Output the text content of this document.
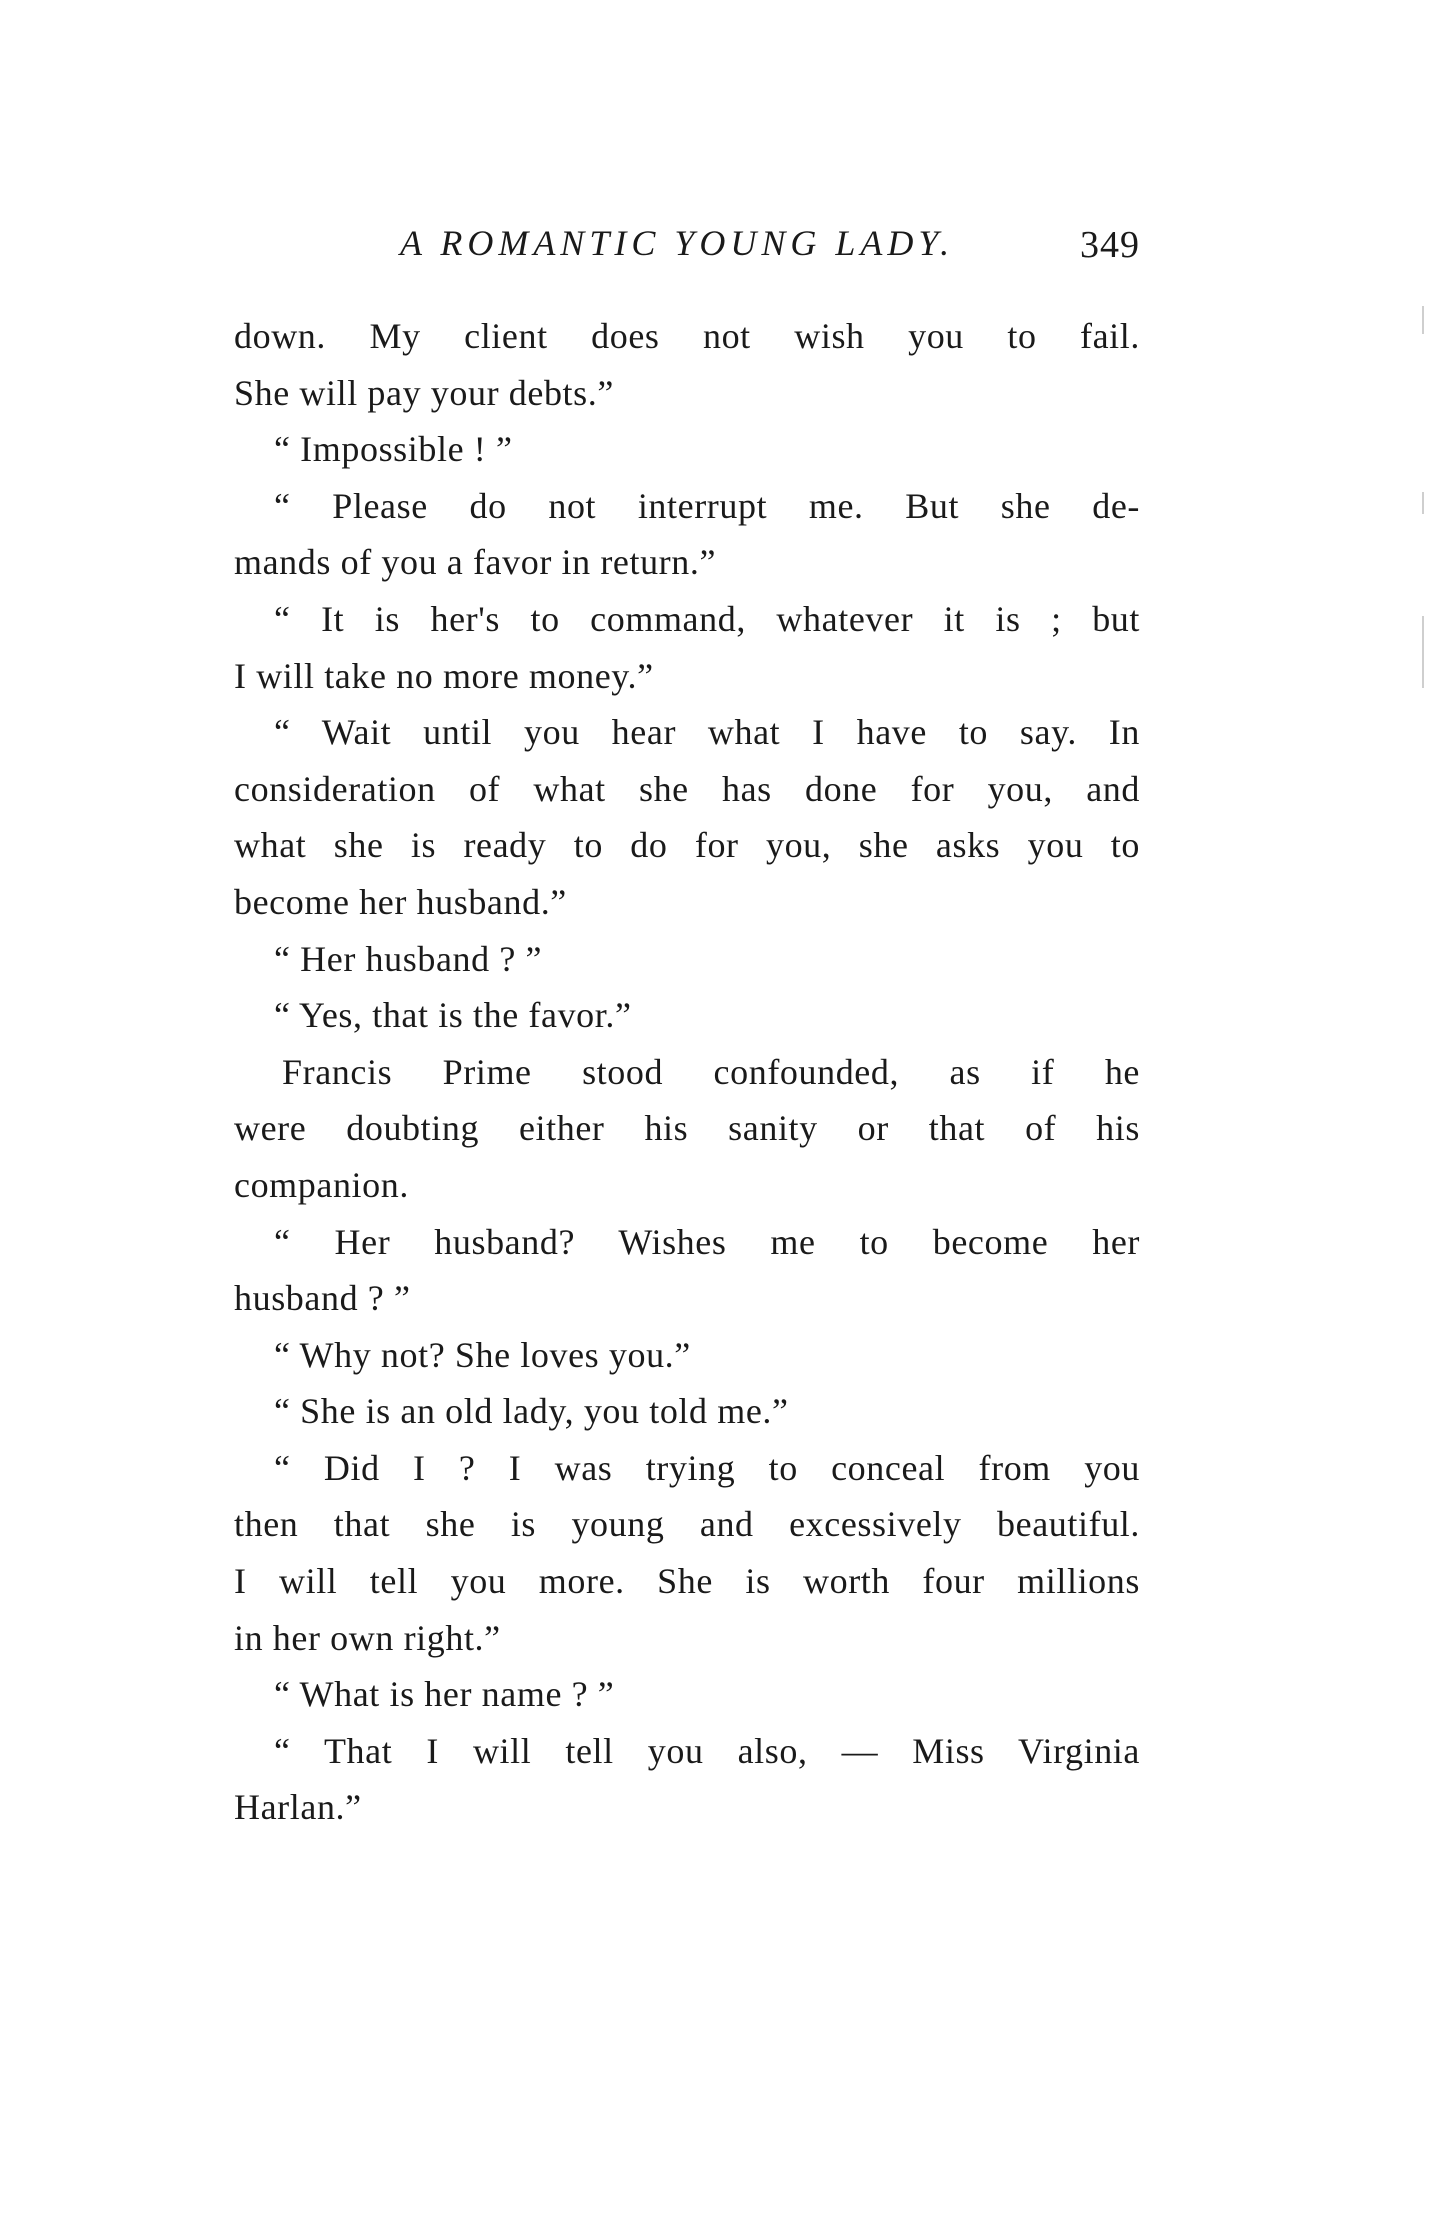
A ROMANTIC YOUNG LADY.	349
down. My client does not wish you to fail.
She will pay your debts.”
“ Impossible ! ”
“ Please do not interrupt me. But she de-
mands of you a favor in return.”
“ It is her's to command, whatever it is ; but
I will take no more money.”
“ Wait until you hear what I have to say. In
consideration of what she has done for you, and
what she is ready to do for you, she asks you to
become her husband.”
“ Her husband ? ”
“ Yes, that is the favor.”
Francis Prime stood confounded, as if he
were doubting either his sanity or that of his
companion.
“ Her husband? Wishes me to become her
husband ? ”
“ Why not? She loves you.”
“ She is an old lady, you told me.”
“ Did I ? I was trying to conceal from you
then that she is young and excessively beautiful.
I will tell you more. She is worth four millions
in her own right.”
“ What is her name ? ”
“ That I will tell you also, — Miss Virginia
Harlan.”
